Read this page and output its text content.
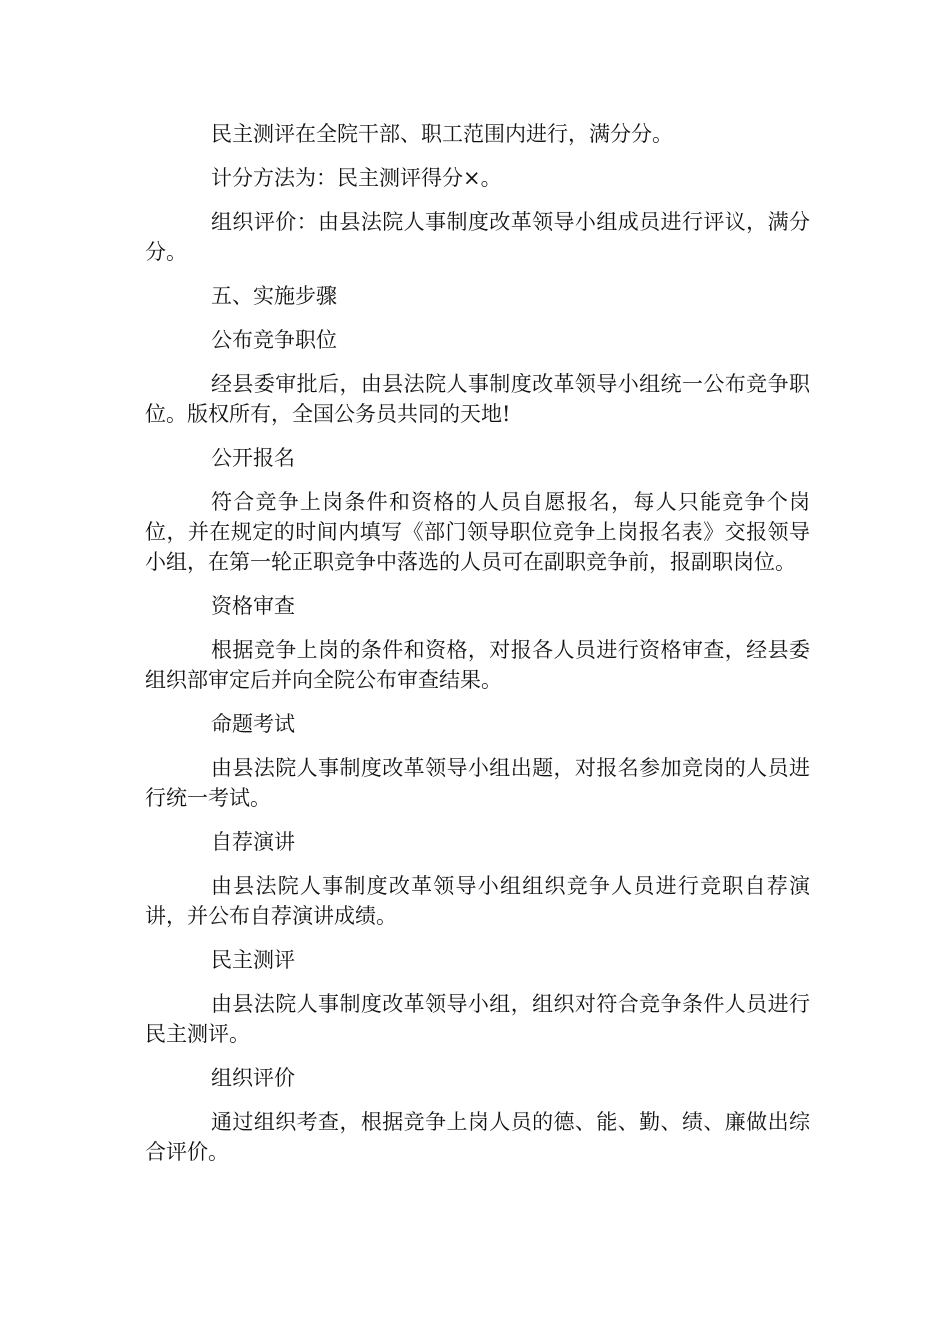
民主测评在全院干部、职工范围内进行，满分分。

计分方法为：民主测评得分×。

组织评价：由县法院人事制度改革领导小组成员进行评议，满分分。

五、实施步骤

公布竞争职位

经县委审批后，由县法院人事制度改革领导小组统一公布竞争职位。版权所有，全国公务员共同的天地!

公开报名

符合竞争上岗条件和资格的人员自愿报名，每人只能竞争个岗位，并在规定的时间内填写《部门领导职位竞争上岗报名表》交报领导小组，在第一轮正职竞争中落选的人员可在副职竞争前，报副职岗位。

资格审查

根据竞争上岗的条件和资格，对报各人员进行资格审查，经县委组织部审定后并向全院公布审查结果。

命题考试

由县法院人事制度改革领导小组出题，对报名参加竞岗的人员进行统一考试。

自荐演讲

由县法院人事制度改革领导小组组织竞争人员进行竞职自荐演讲，并公布自荐演讲成绩。

民主测评

由县法院人事制度改革领导小组，组织对符合竞争条件人员进行民主测评。

组织评价

通过组织考查，根据竞争上岗人员的德、能、勤、绩、廉做出综合评价。
